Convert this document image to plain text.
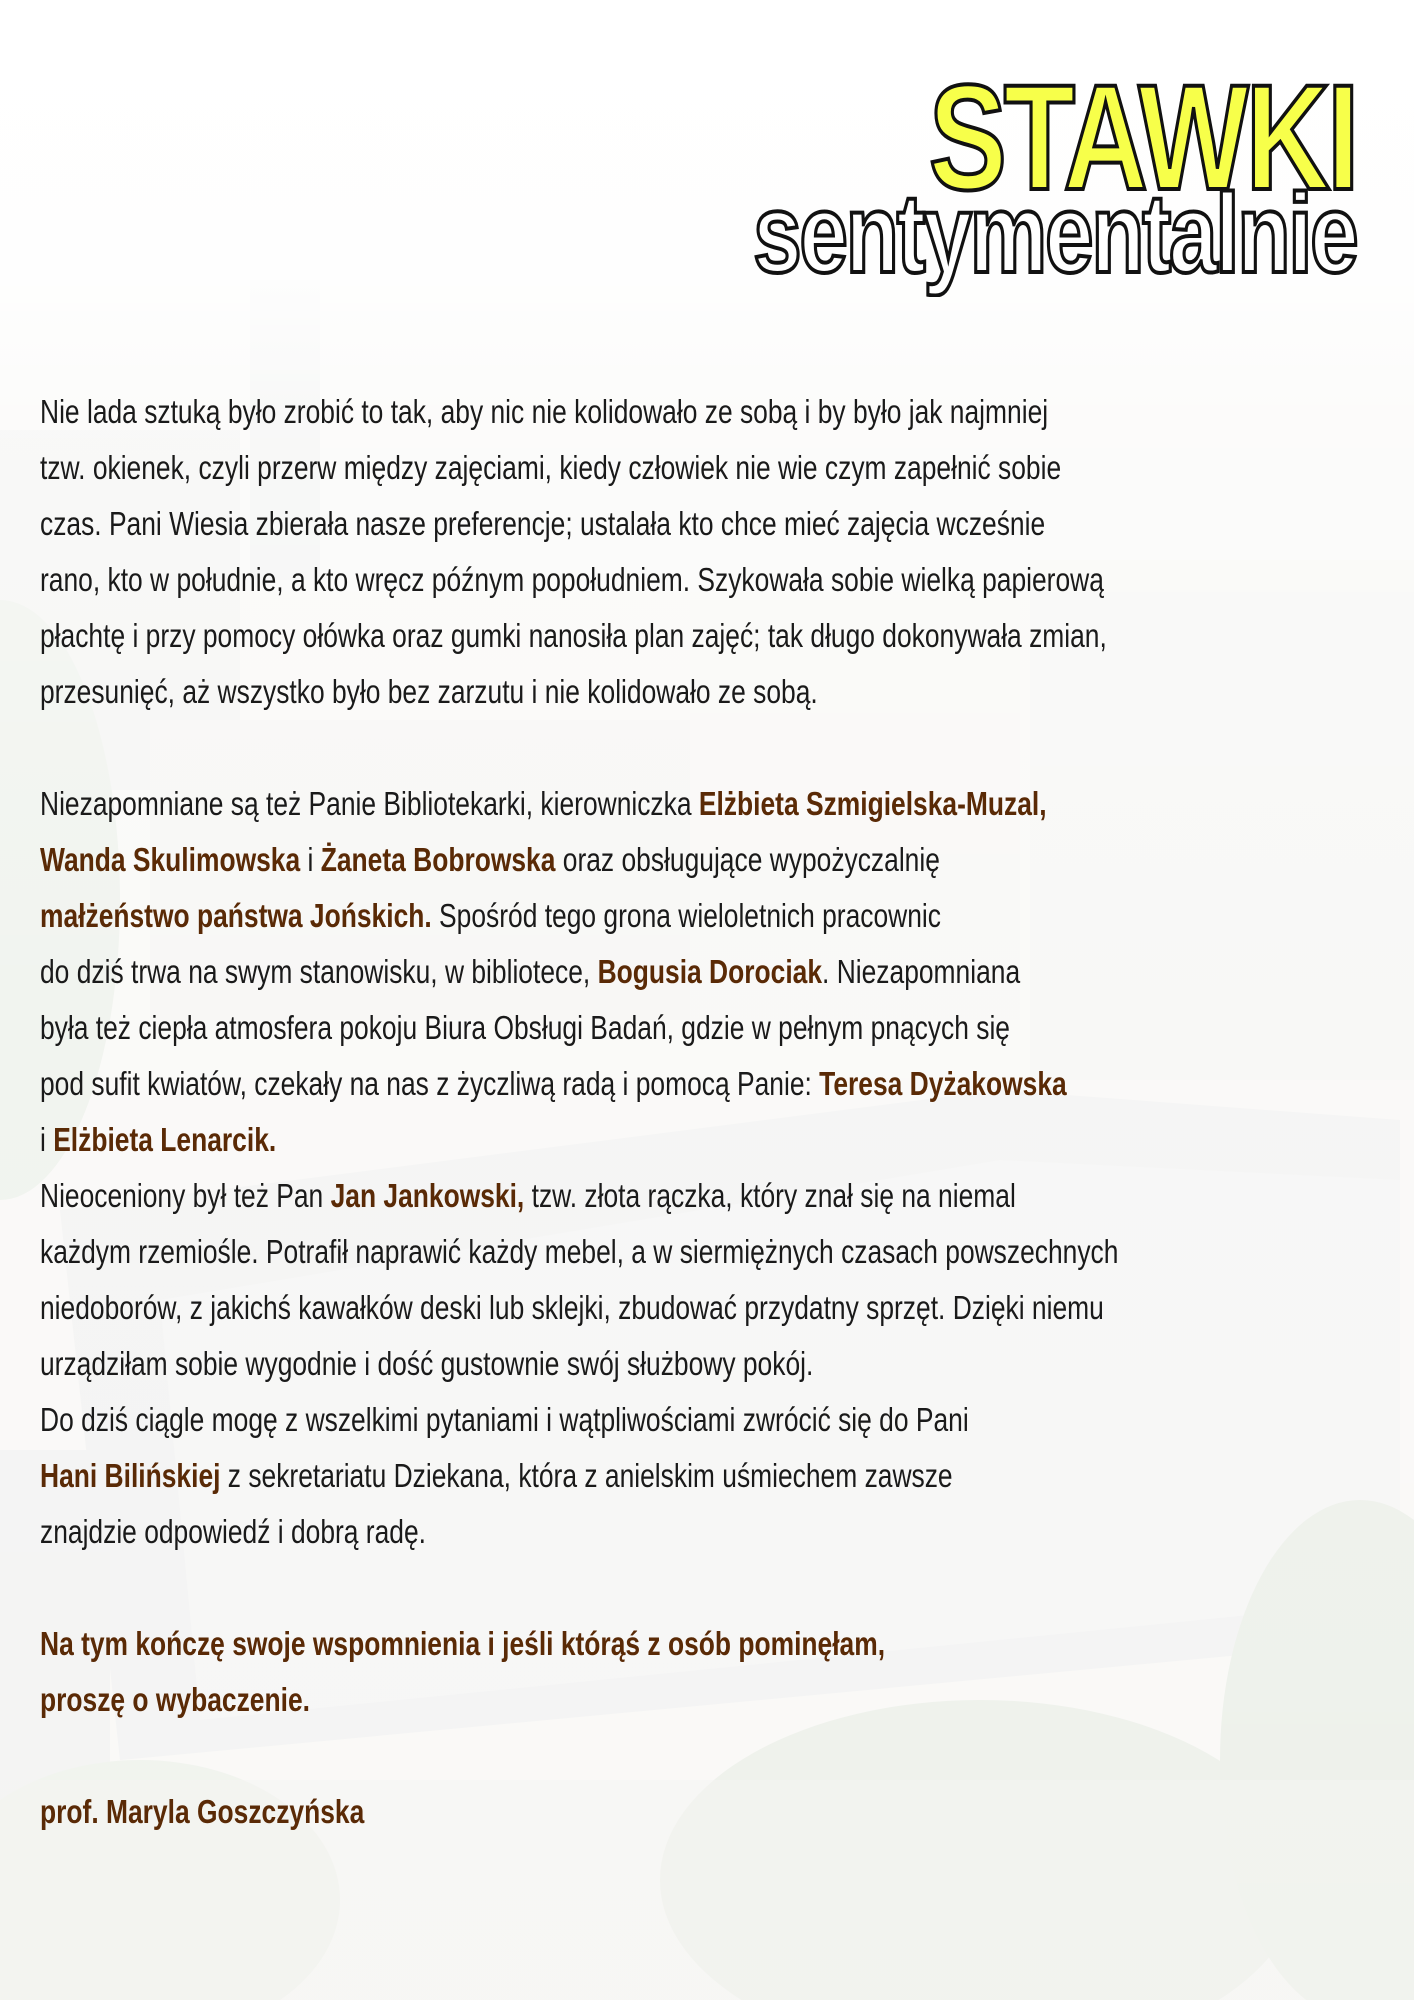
STAWKI
sentymentalnie
Nie lada sztuką było zrobić to tak, aby nic nie kolidowało ze sobą i by było jak najmniej
tzw. okienek, czyli przerw między zajęciami, kiedy człowiek nie wie czym zapełnić sobie
czas. Pani Wiesia zbierała nasze preferencje; ustalała kto chce mieć zajęcia wcześnie
rano, kto w południe, a kto wręcz późnym popołudniem. Szykowała sobie wielką papierową
płachtę i przy pomocy ołówka oraz gumki nanosiła plan zajęć; tak długo dokonywała zmian,
przesunięć, aż wszystko było bez zarzutu i nie kolidowało ze sobą.
Niezapomniane są też Panie Bibliotekarki, kierowniczka Elżbieta Szmigielska-Muzal,
Wanda Skulimowska i Żaneta Bobrowska oraz obsługujące wypożyczalnię
małżeństwo państwa Jońskich. Spośród tego grona wieloletnich pracownic
do dziś trwa na swym stanowisku, w bibliotece, Bogusia Dorociak. Niezapomniana
była też ciepła atmosfera pokoju Biura Obsługi Badań, gdzie w pełnym pnących się
pod sufit kwiatów, czekały na nas z życzliwą radą i pomocą Panie: Teresa Dyżakowska
i Elżbieta Lenarcik.
Nieoceniony był też Pan Jan Jankowski, tzw. złota rączka, który znał się na niemal
każdym rzemiośle. Potrafił naprawić każdy mebel, a w siermiężnych czasach powszechnych
niedoborów, z jakichś kawałków deski lub sklejki, zbudować przydatny sprzęt. Dzięki niemu
urządziłam sobie wygodnie i dość gustownie swój służbowy pokój.
Do dziś ciągle mogę z wszelkimi pytaniami i wątpliwościami zwrócić się do Pani
Hani Bilińskiej z sekretariatu Dziekana, która z anielskim uśmiechem zawsze
znajdzie odpowiedź i dobrą radę.
Na tym kończę swoje wspomnienia i jeśli którąś z osób pominęłam,
proszę o wybaczenie.
prof. Maryla Goszczyńska
